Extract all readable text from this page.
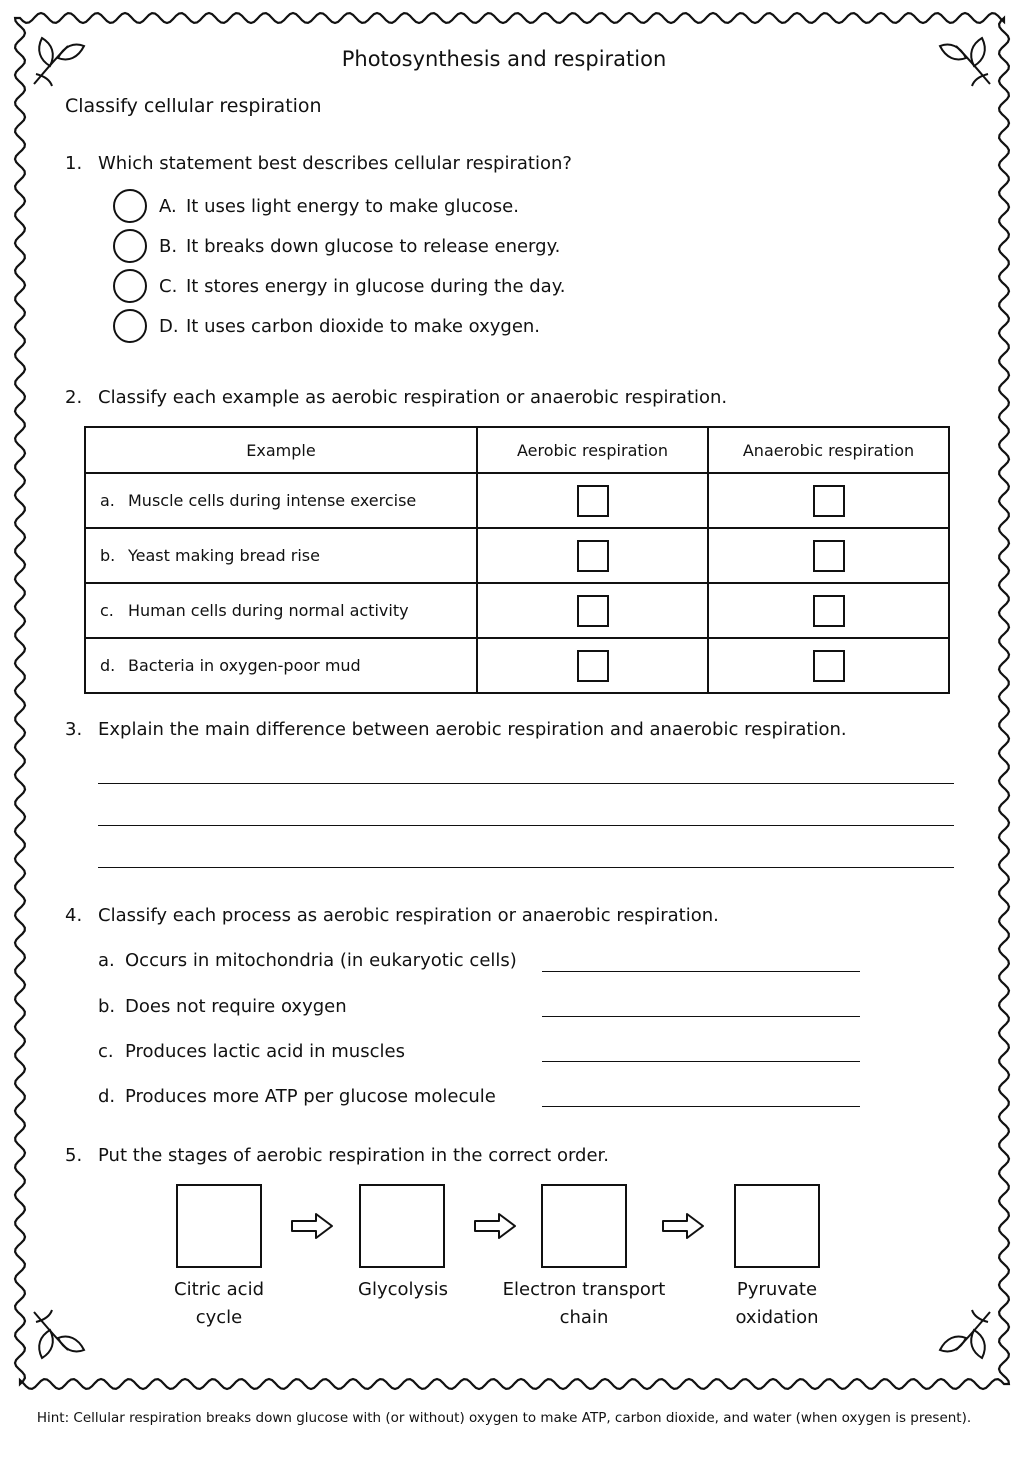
Photosynthesis and respiration
Classify cellular respiration
1. Which statement best describes cellular respiration?
A. It uses light energy to make glucose.
B. It breaks down glucose to release energy.
C. It stores energy in glucose during the day.
D. It uses carbon dioxide to make oxygen.
2. Classify each example as aerobic respiration or anaerobic respiration.
Example	Aerobic respiration	Anaerobic respiration
a. Muscle cells during intense exercise	

b. Yeast making bread rise	

c. Human cells during normal activity	

d. Bacteria in oxygen-poor mud	

3. Explain the main difference between aerobic respiration and anaerobic respiration.
4. Classify each process as aerobic respiration or anaerobic respiration.
a. Occurs in mitochondria (in eukaryotic cells)
b. Does not require oxygen
c. Produces lactic acid in muscles
d. Produces more ATP per glucose molecule
5. Put the stages of aerobic respiration in the correct order.
Citric acid
cycle
Glycolysis	Electron transport
chain
Pyruvate
oxidation
Hint: Cellular respiration breaks down glucose with (or without) oxygen to make ATP, carbon dioxide, and water (when oxygen is present).
